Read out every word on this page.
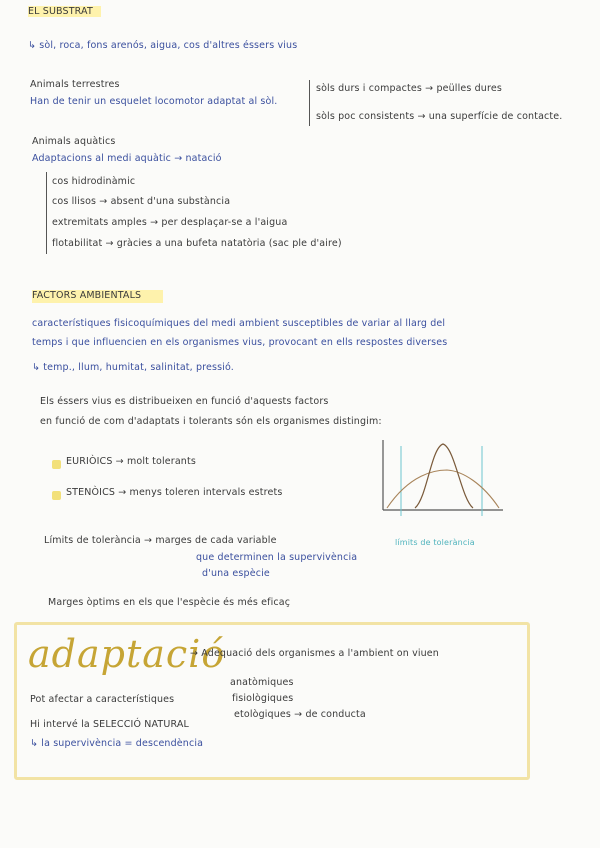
EL SUBSTRAT
↳ sòl, roca, fons arenós, aigua, cos d'altres éssers vius
Animals terrestres
Han de tenir un esquelet locomotor adaptat al sòl.
sòls durs i compactes → peülles dures
sòls poc consistents → una superfície de contacte.
Animals aquàtics
Adaptacions al medi aquàtic → natació
cos hidrodinàmic
cos llisos → absent d'una substància
extremitats amples → per desplaçar-se a l'aigua
flotabilitat → gràcies a una bufeta natatòria (sac ple d'aire)
FACTORS AMBIENTALS
característiques fisicoquímiques del medi ambient susceptibles de variar al llarg del
temps i que influencien en els organismes vius, provocant en ells respostes diverses
↳ temp., llum, humitat, salinitat, pressió.
Els éssers vius es distribueixen en funció d'aquests factors
en funció de com d'adaptats i tolerants són els organismes distingim:
EURIÒICS → molt tolerants
STENÒICS → menys toleren intervals estrets
límits de tolerància
Límits de tolerància → marges de cada variable
que determinen la supervivència
d'una espècie
Marges òptims en els que l'espècie és més eficaç
adaptació
→ Adequació dels organismes a l'ambient on viuen
Pot afectar a característiques
anatòmiques
fisiològiques
etològiques → de conducta
Hi intervé la SELECCIÓ NATURAL
↳ la supervivència = descendència
